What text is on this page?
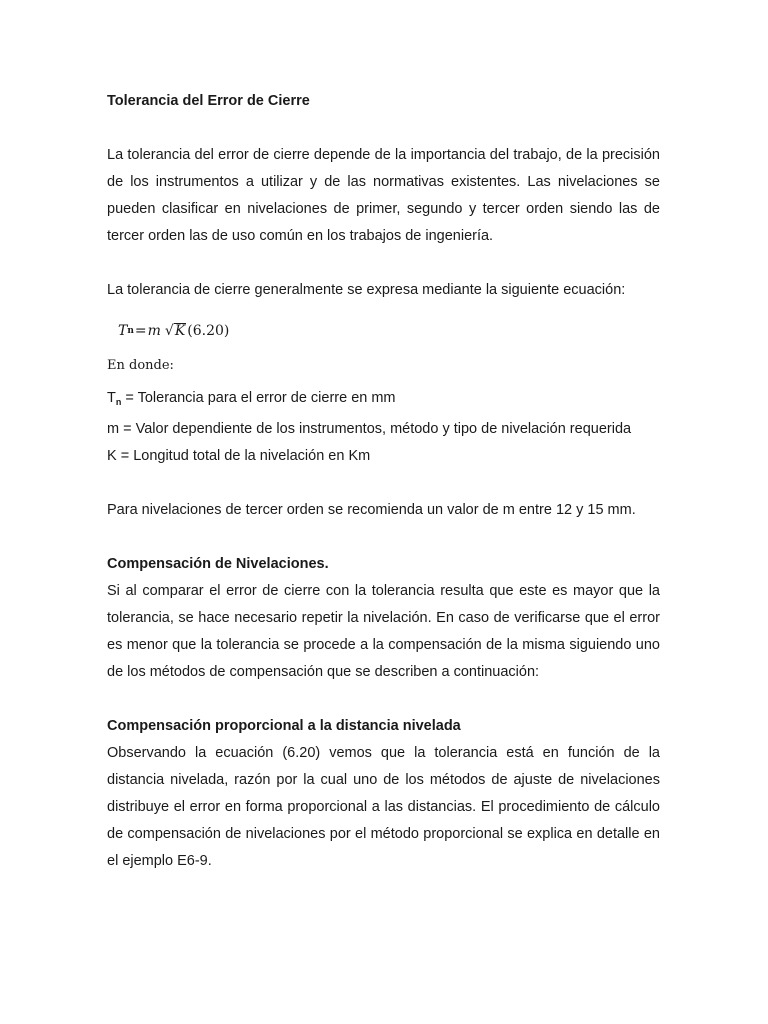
Tolerancia del Error de Cierre

La tolerancia del error de cierre depende de la importancia del trabajo, de la precisión de los instrumentos a utilizar y de las normativas existentes. Las nivelaciones se pueden clasificar en nivelaciones de primer, segundo y tercer orden siendo las de tercer orden las de uso común en los trabajos de ingeniería.

La tolerancia de cierre generalmente se expresa mediante la siguiente ecuación:

T n = m √ K (6.20)

En donde:

$T_n$ = Tolerancia para el error de cierre en mm

m = Valor dependiente de los instrumentos, método y tipo de nivelación requerida

K = Longitud total de la nivelación en Km

Para nivelaciones de tercer orden se recomienda un valor de m entre 12 y 15 mm.

Compensación de Nivelaciones.

Si al comparar el error de cierre con la tolerancia resulta que este es mayor que la tolerancia, se hace necesario repetir la nivelación. En caso de verificarse que el error es menor que la tolerancia se procede a la compensación de la misma siguiendo uno de los métodos de compensación que se describen a continuación:

Compensación proporcional a la distancia nivelada

Observando la ecuación (6.20) vemos que la tolerancia está en función de la distancia nivelada, razón por la cual uno de los métodos de ajuste de nivelaciones distribuye el error en forma proporcional a las distancias. El procedimiento de cálculo de compensación de nivelaciones por el método proporcional se explica en detalle en el ejemplo E6-9.
